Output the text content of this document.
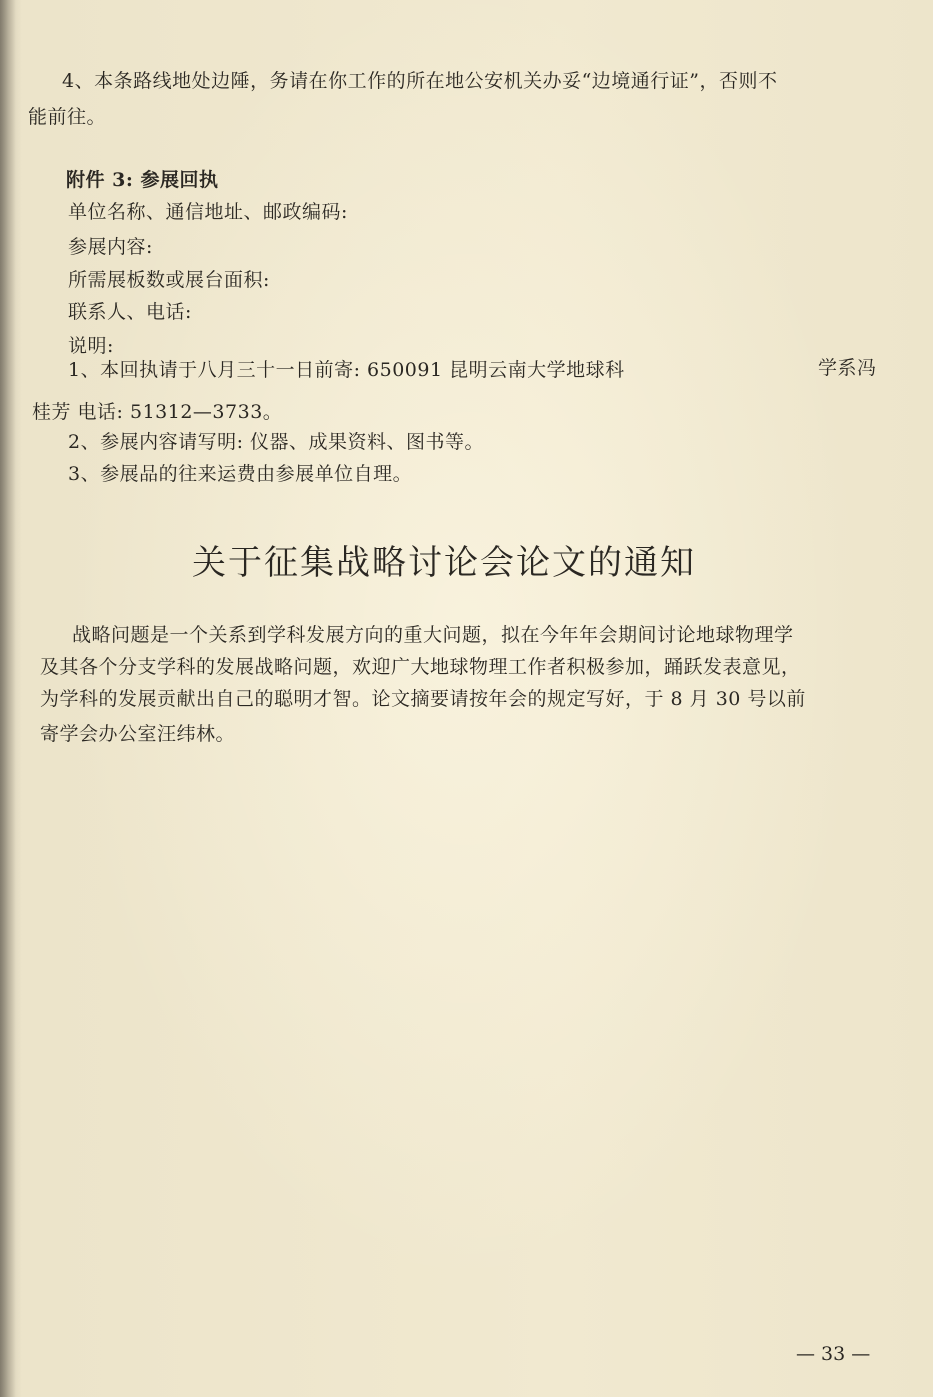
4、本条路线地处边陲，务请在你工作的所在地公安机关办妥“边境通行证”，否则不
能前往。
附件 3: 参展回执
单位名称、通信地址、邮政编码:
参展内容:
所需展板数或展台面积:
联系人、电话:
说明:
1、本回执请于八月三十一日前寄: 650091 昆明云南大学地球科	学系冯
桂芳 电话: 51312—3733。
2、参展内容请写明: 仪器、成果资料、图书等。
3、参展品的往来运费由参展单位自理。
关于征集战略讨论会论文的通知
战略问题是一个关系到学科发展方向的重大问题，拟在今年年会期间讨论地球物理学
及其各个分支学科的发展战略问题，欢迎广大地球物理工作者积极参加，踊跃发表意见，
为学科的发展贡献出自己的聪明才智。论文摘要请按年会的规定写好，于 8 月 30 号以前
寄学会办公室汪纬林。
— 33 —
